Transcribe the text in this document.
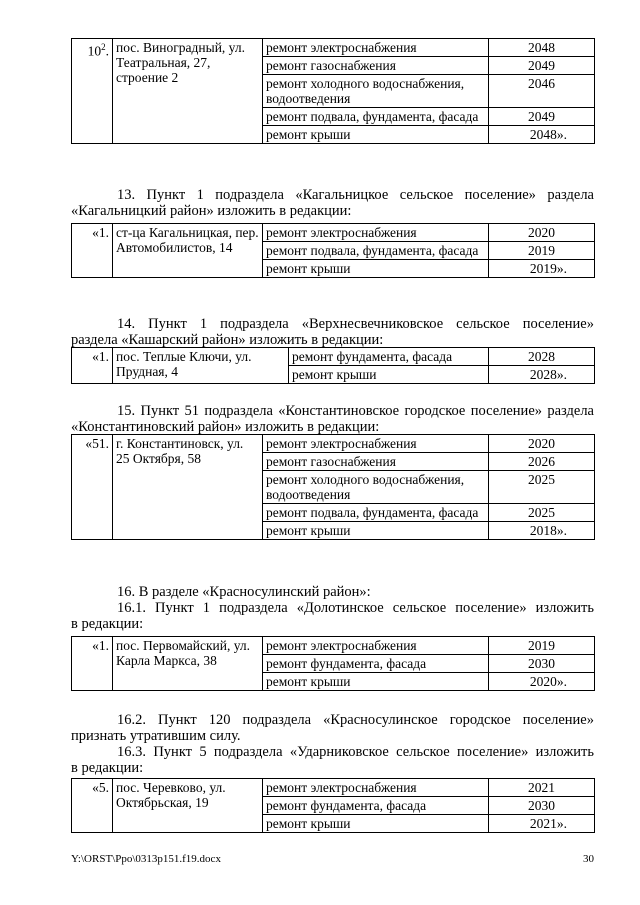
$10^2$.	пос. Виноградный, ул. Театральная, 27, строение 2	ремонт электроснабжения	2048
		ремонт газоснабжения	2049
		ремонт холодного водоснабжения, водоотведения	2046
		ремонт подвала, фундамента, фасада	2049
		ремонт крыши	2048».
13. Пункт 1 подраздела «Кагальницкое сельское поселение» раздела
«Кагальницкий район» изложить в редакции:
«1.	ст-ца Кагальницкая, пер. Автомобилистов, 14	ремонт электроснабжения	2020
		ремонт подвала, фундамента, фасада	2019
		ремонт крыши	2019».
14. Пункт 1 подраздела «Верхнесвечниковское сельское поселение»
раздела «Кашарский район» изложить в редакции:
«1.	пос. Теплые Ключи, ул. Прудная, 4	ремонт фундамента, фасада	2028
		ремонт крыши	2028».
15. Пункт 51 подраздела «Константиновское городское поселение» раздела
«Константиновский район» изложить в редакции:
«51.	г. Константиновск, ул. 25 Октября, 58	ремонт электроснабжения	2020
		ремонт газоснабжения	2026
		ремонт холодного водоснабжения, водоотведения	2025
		ремонт подвала, фундамента, фасада	2025
		ремонт крыши	2018».
16. В разделе «Красносулинский район»:
16.1. Пункт 1 подраздела «Долотинское сельское поселение» изложить
в редакции:
«1.	пос. Первомайский, ул. Карла Маркса, 38	ремонт электроснабжения	2019
		ремонт фундамента, фасада	2030
		ремонт крыши	2020».
16.2. Пункт 120 подраздела «Красносулинское городское поселение»
признать утратившим силу.
16.3. Пункт 5 подраздела «Ударниковское сельское поселение» изложить
в редакции:
«5.	пос. Черевково, ул. Октябрьская, 19	ремонт электроснабжения	2021
		ремонт фундамента, фасада	2030
		ремонт крыши	2021».
Y:\ORST\Ppo\0313p151.f19.docx	30
